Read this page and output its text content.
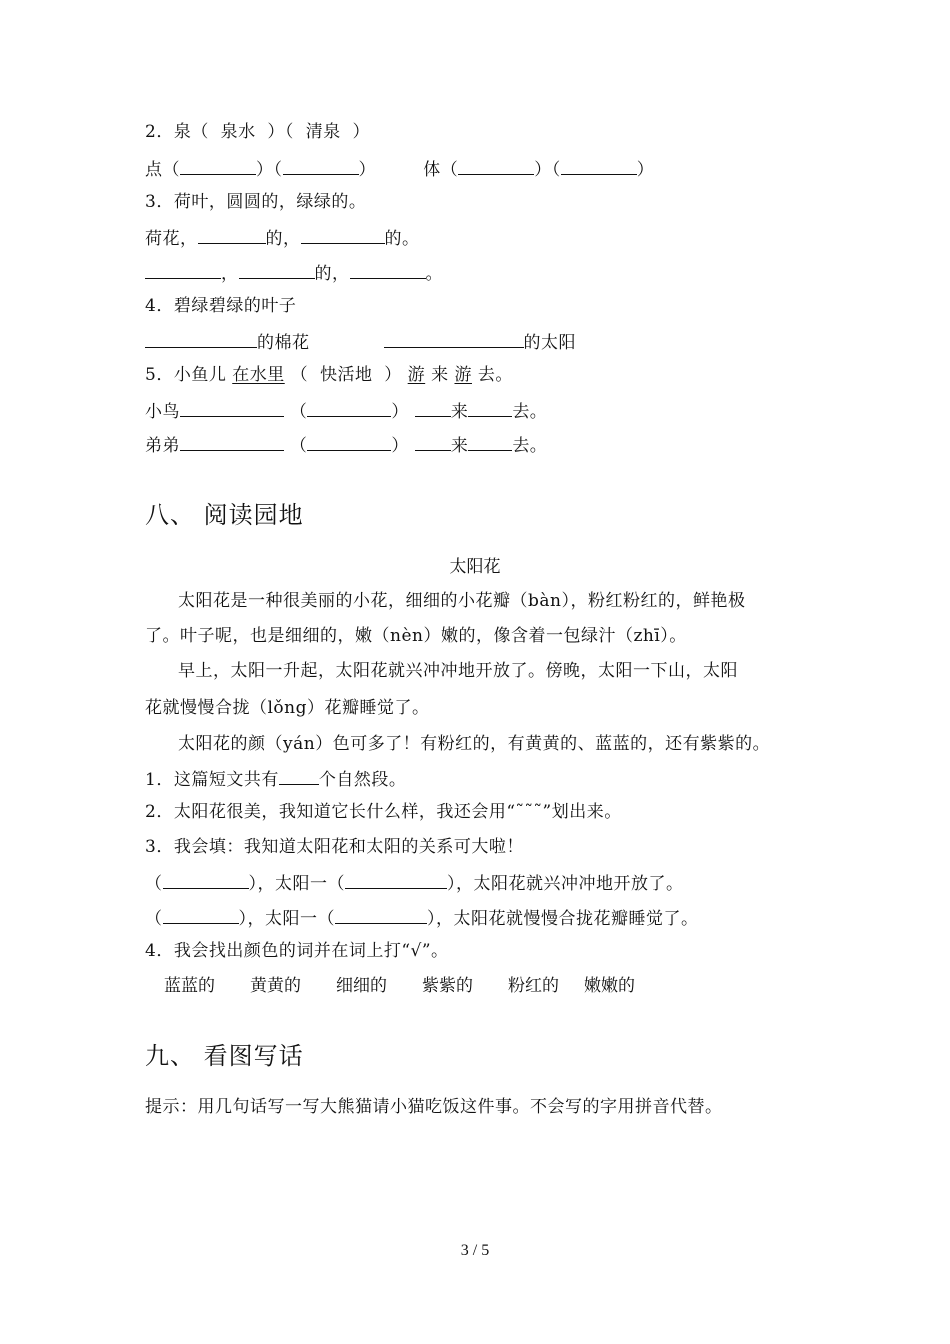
2．泉（  泉水  ）（  清泉  ）
点（	）（	）        体（	）（	）
3．荷叶，圆圆的，绿绿的。
荷花，	的，	的。
，	的，	。
4．碧绿碧绿的叶子
的棉花	的太阳
5．小鱼儿 在水里 （  快活地  ） 游 来 游 去。
小鸟	（	） 来	去。
弟弟	（	） 来	去。
八、 阅读园地
太阳花
太阳花是一种很美丽的小花，细细的小花瓣（bàn），粉红粉红的，鲜艳极
了。叶子呢，也是细细的，嫩（nèn）嫩的，像含着一包绿汁（zhī）。
早上，太阳一升起，太阳花就兴冲冲地开放了。傍晚，太阳一下山，太阳
花就慢慢合拢（lǒng）花瓣睡觉了。
太阳花的颜（yán）色可多了！有粉红的，有黄黄的、蓝蓝的，还有紫紫的。
1．这篇短文共有 个自然段。
2．太阳花很美，我知道它长什么样，我还会用“˜˜˜”划出来。
3．我会填：我知道太阳花和太阳的关系可大啦！
（	），太阳一（	），太阳花就兴冲冲地开放了。
（	），太阳一（	），太阳花就慢慢合拢花瓣睡觉了。
4．我会找出颜色的词并在词上打“√”。
蓝蓝的 黄黄的 细细的 紫紫的 粉红的 嫩嫩的
九、 看图写话
提示：用几句话写一写大熊猫请小猫吃饭这件事。不会写的字用拼音代替。
3 / 5
